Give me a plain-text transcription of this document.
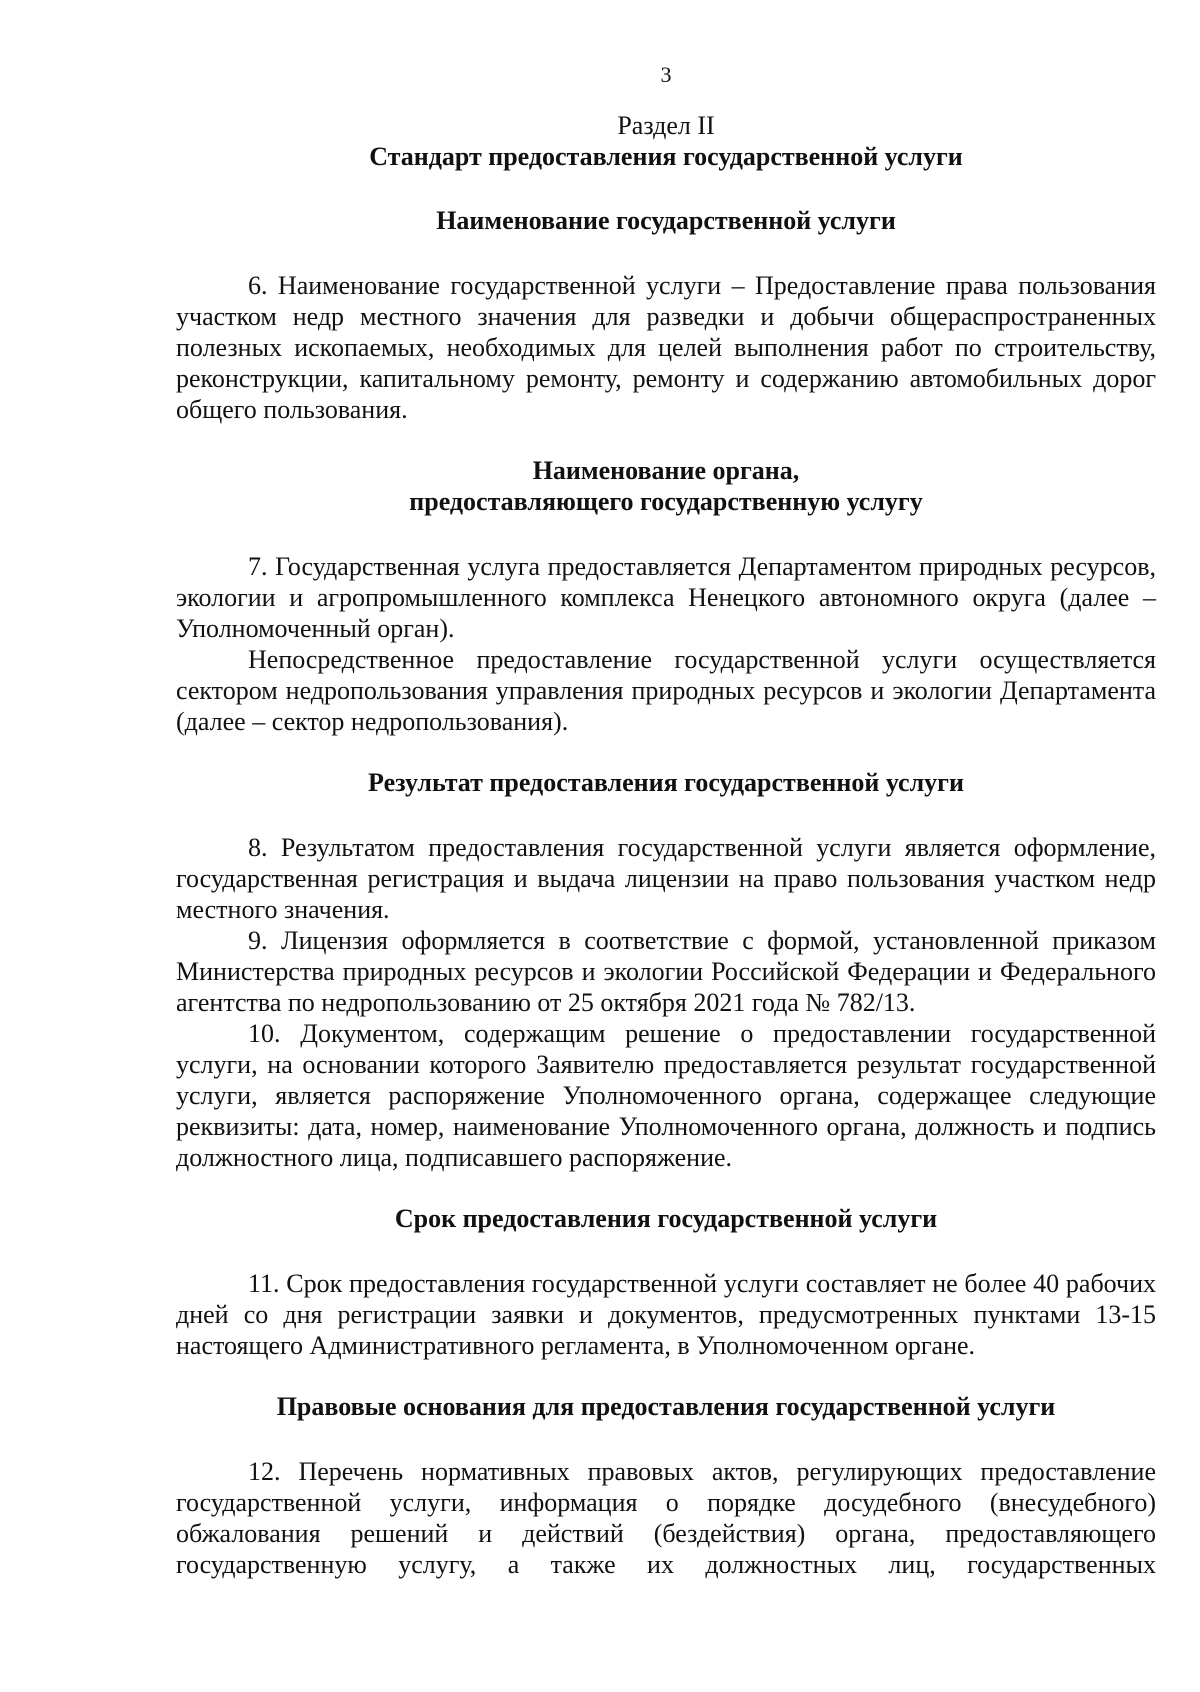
3
Раздел II
Стандарт предоставления государственной услуги
Наименование государственной услуги

6. Наименование государственной услуги – Предоставление права пользования участком недр местного значения для разведки и добычи общераспространенных полезных ископаемых, необходимых для целей выполнения работ по строительству, реконструкции, капитальному ремонту, ремонту и содержанию автомобильных дорог общего пользования.

Наименование органа,
предоставляющего государственную услугу

7. Государственная услуга предоставляется Департаментом природных ресурсов, экологии и агропромышленного комплекса Ненецкого автономного округа (далее – Уполномоченный орган).

Непосредственное предоставление государственной услуги осуществляется сектором недропользования управления природных ресурсов и экологии Департамента (далее – сектор недропользования).

Результат предоставления государственной услуги

8. Результатом предоставления государственной услуги является оформление, государственная регистрация и выдача лицензии на право пользования участком недр местного значения.

9. Лицензия оформляется в соответствие с формой, установленной приказом Министерства природных ресурсов и экологии Российской Федерации и Федерального агентства по недропользованию от 25 октября 2021 года № 782/13.

10. Документом, содержащим решение о предоставлении государственной услуги, на основании которого Заявителю предоставляется результат государственной услуги, является распоряжение Уполномоченного органа, содержащее следующие реквизиты: дата, номер, наименование Уполномоченного органа, должность и подпись должностного лица, подписавшего распоряжение.

Срок предоставления государственной услуги

11. Срок предоставления государственной услуги составляет не более 40 рабочих дней со дня регистрации заявки и документов, предусмотренных пунктами 13-15 настоящего Административного регламента, в Уполномоченном органе.

Правовые основания для предоставления государственной услуги

12. Перечень нормативных правовых актов, регулирующих предоставление государственной услуги, информация о порядке досудебного (внесудебного) обжалования решений и действий (бездействия) органа, предоставляющего государственную услугу, а также их должностных лиц, государственных
